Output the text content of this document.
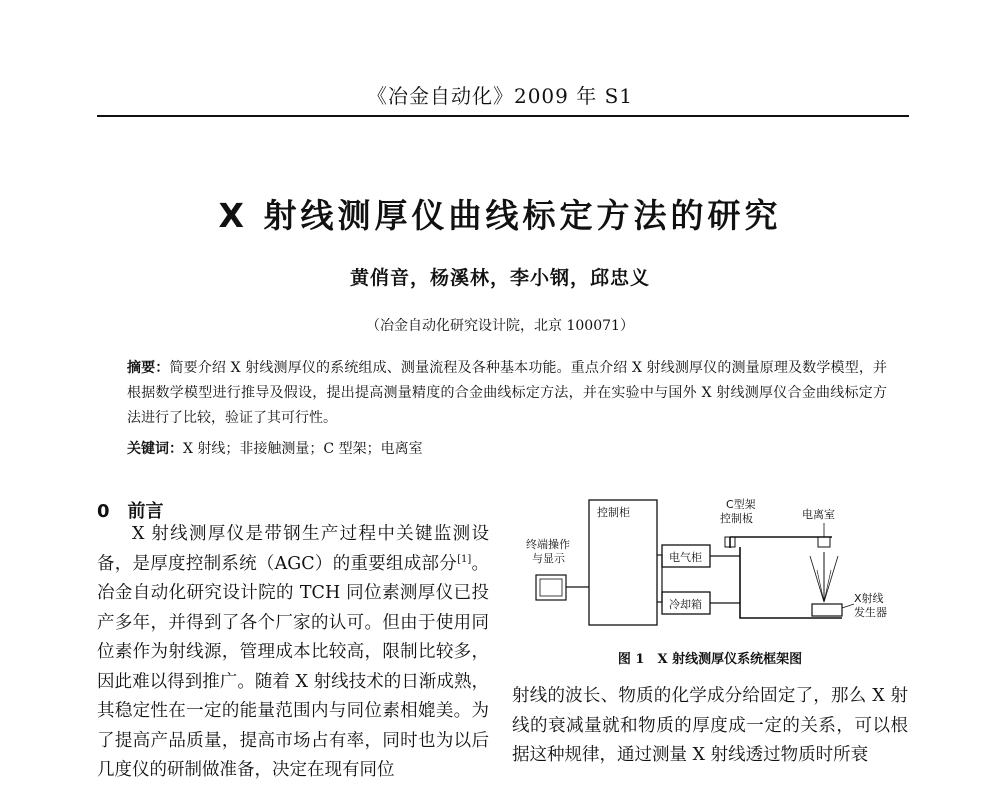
《冶金自动化》2009 年 S1
X 射线测厚仪曲线标定方法的研究
黄俏音，杨溪林，李小钢，邱忠义
（冶金自动化研究设计院，北京 100071）
摘要：简要介绍 X 射线测厚仪的系统组成、测量流程及各种基本功能。重点介绍 X 射线测厚仪的测量原理及数学模型，并根据数学模型进行推导及假设，提出提高测量精度的合金曲线标定方法，并在实验中与国外 X 射线测厚仪合金曲线标定方法进行了比较，验证了其可行性。
关键词：X 射线；非接触测量；C 型架；电离室
0 前言

X 射线测厚仪是带钢生产过程中关键监测设备，是厚度控制系统（AGC）的重要组成部分[1]。冶金自动化研究设计院的 TCH 同位素测厚仪已投产多年，并得到了各个厂家的认可。但由于使用同位素作为射线源，管理成本比较高，限制比较多，因此难以得到推广。随着 X 射线技术的日渐成熟，其稳定性在一定的能量范围内与同位素相媲美。为了提高产品质量，提高市场占有率，同时也为以后几度仪的研制做准备，决定在现有同位

控制柜
终端操作
与显示	电气柜
冷却箱
C型架
控制板	电离室
X射线
发生器
图 1　X 射线测厚仪系统框架图

射线的波长、物质的化学成分给固定了，那么 X 射线的衰减量就和物质的厚度成一定的关系，可以根据这种规律，通过测量 X 射线透过物质时所衰
